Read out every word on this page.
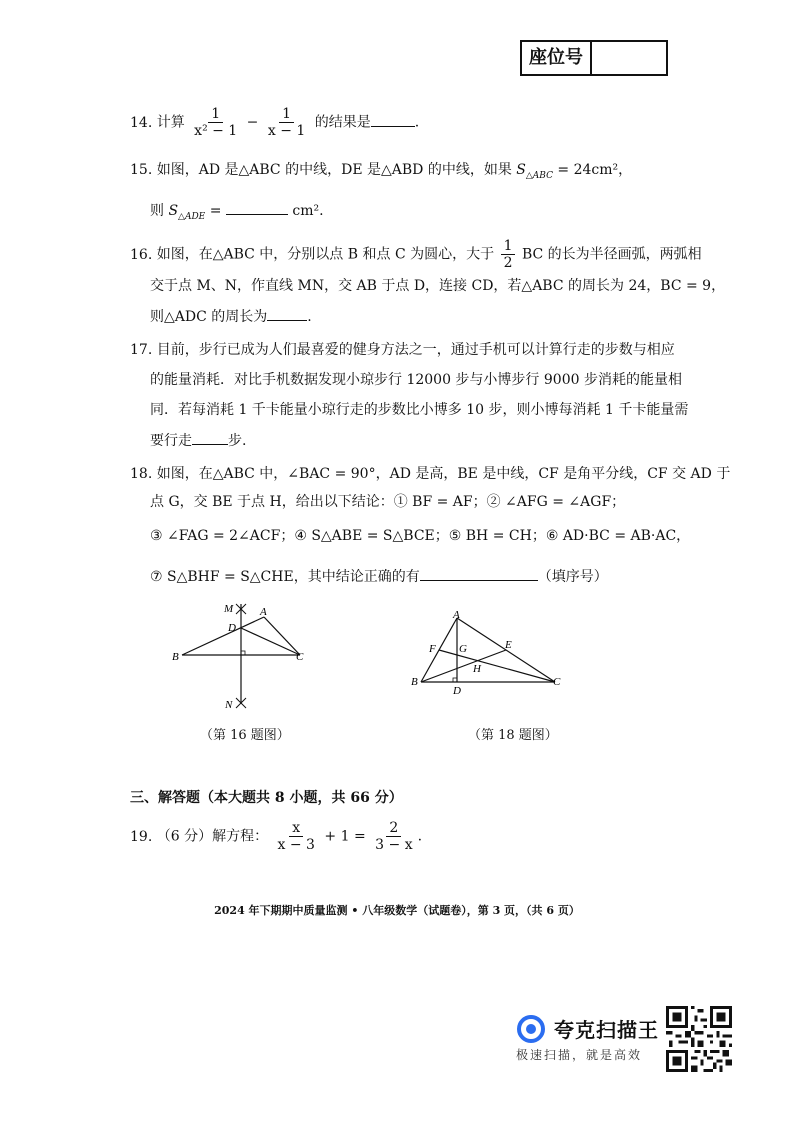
座位号
14. 计算 $\frac{1}{\text{x² − 1}} - \frac{1}{x - 1}$ 的结果是	.
15. 如图，AD 是△ABC 的中线，DE 是△ABD 的中线，如果 $S_{\triangle ABC} = 24cm^2$，
则 $S_{\triangle ADE}$ =	cm².
16. 如图，在△ABC 中，分别以点 B 和点 C 为圆心，大于 $\frac{1}{2}$ BC 的长为半径画弧，两弧相
交于点 M、N，作直线 MN，交 AB 于点 D，连接 CD，若△ABC 的周长为 24，BC = 9，
则△ADC 的周长为	.
17. 目前，步行已成为人们最喜爱的健身方法之一，通过手机可以计算行走的步数与相应
的能量消耗．对比手机数据发现小琼步行 12000 步与小博步行 9000 步消耗的能量相
同．若每消耗 1 千卡能量小琼行走的步数比小博多 10 步，则小博每消耗 1 千卡能量需
要行走	步.
18. 如图，在△ABC 中，∠BAC = 90°，AD 是高，BE 是中线，CF 是角平分线，CF 交 AD 于
点 G，交 BE 于点 H，给出以下结论：① BF = AF；② ∠AFG = ∠AGF；
③ ∠FAG = 2∠ACF；④ S△ABE = S△BCE；⑤ BH = CH；⑥ AD·BC = AB·AC，
⑦ S△BHF = S△CHE，其中结论正确的有	（填序号）
M A
D
B	C
N
（第 16 题图）
A
F G	E
H
B
D
C
（第 18 题图）
三、解答题（本大题共 8 小题，共 66 分）
19. （6 分）解方程： $\frac{x}{x - 3} + 1 = \frac{2}{3 - x}$ .
2024 年下期期中质量监测 • 八年级数学（试题卷），第 3 页，（共 6 页）
夸克扫描王
极速扫描，就是高效
